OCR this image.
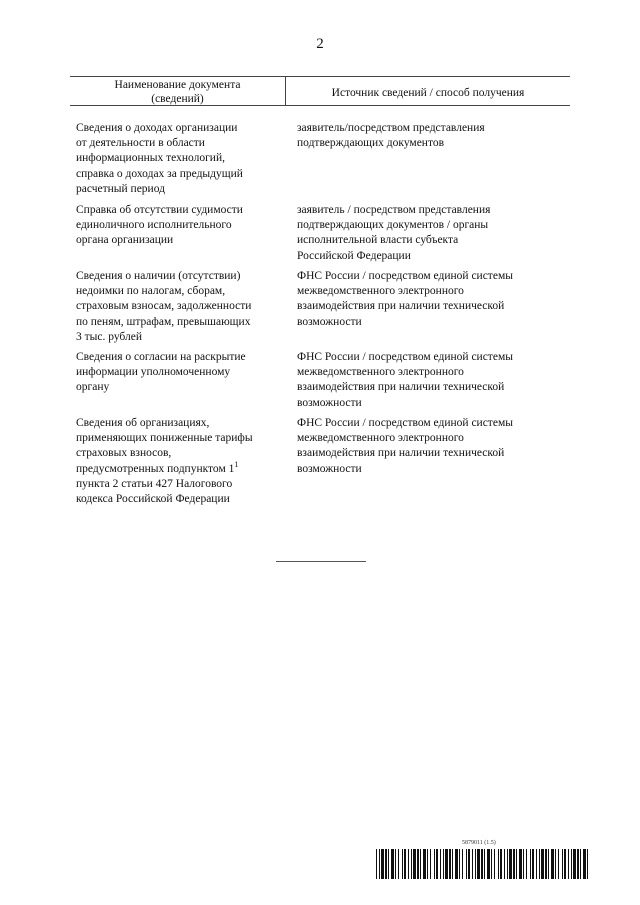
2
Наименование документа
(сведений)	Источник сведений / способ получения
Сведения о доходах организации
от деятельности в области
информационных технологий,
справка о доходах за предыдущий
расчетный период
заявитель/посредством представления
подтверждающих документов
Справка об отсутствии судимости
единоличного исполнительного
органа организации
заявитель / посредством представления
подтверждающих документов / органы
исполнительной власти субъекта
Российской Федерации
Сведения о наличии (отсутствии)
недоимки по налогам, сборам,
страховым взносам, задолженности
по пеням, штрафам, превышающих
3 тыс. рублей
ФНС России / посредством единой системы
межведомственного электронного
взаимодействия при наличии технической
возможности
Сведения о согласии на раскрытие
информации уполномоченному
органу
ФНС России / посредством единой системы
межведомственного электронного
взаимодействия при наличии технической
возможности
Сведения об организациях,
применяющих пониженные тарифы
страховых взносов,
предусмотренных подпунктом $1^1$
пункта 2 статьи 427 Налогового
кодекса Российской Федерации
ФНС России / посредством единой системы
межведомственного электронного
взаимодействия при наличии технической
возможности
5879011 (1.5)
